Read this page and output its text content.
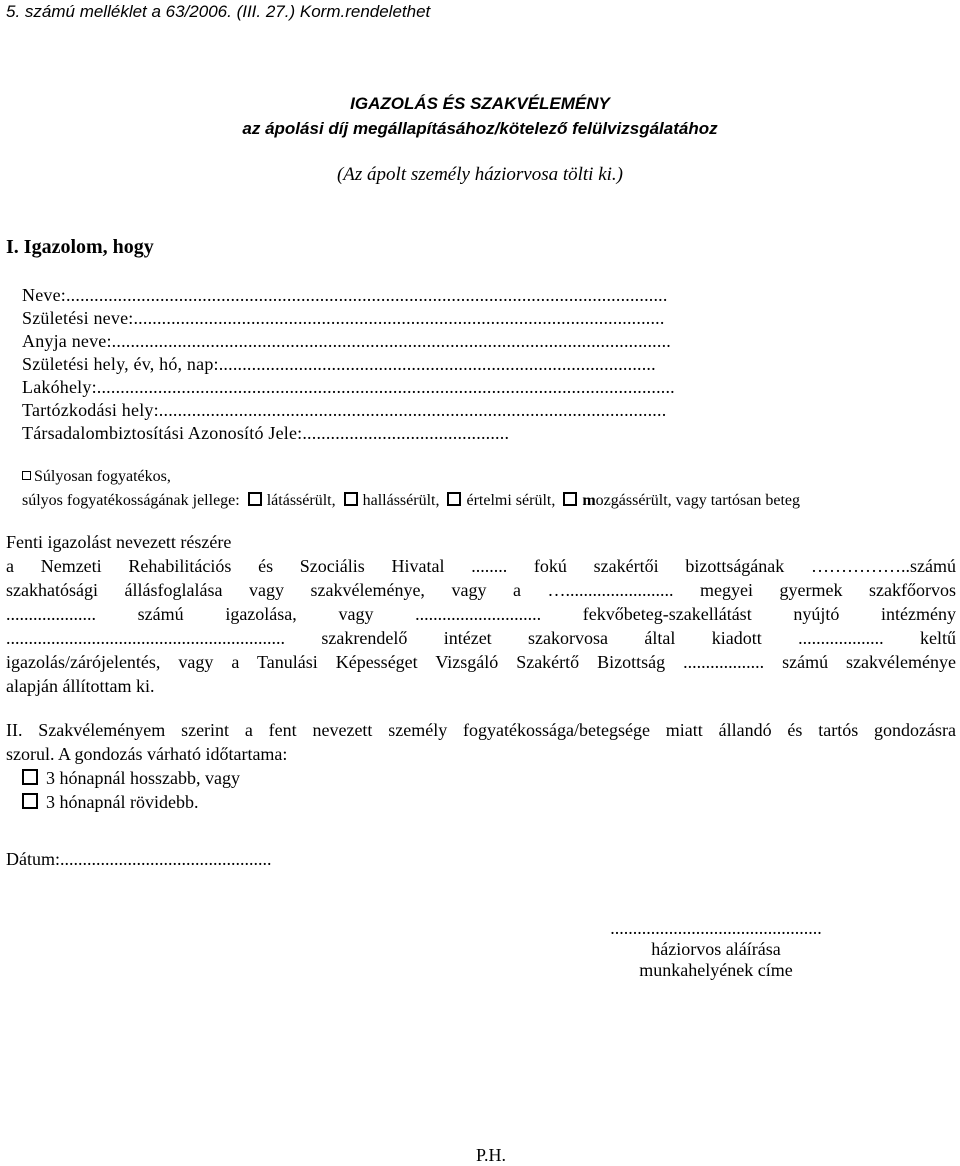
5. számú melléklet a 63/2006. (III. 27.) Korm.rendelethet
IGAZOLÁS ÉS SZAKVÉLEMÉNY
az ápolási díj megállapításához/kötelező felülvizsgálatához
(Az ápolt személy háziorvosa tölti ki.)
I. Igazolom, hogy
Neve:................................................................................................................................
Születési neve:.................................................................................................................
Anyja neve:.......................................................................................................................
Születési hely, év, hó, nap:.............................................................................................
Lakóhely:...........................................................................................................................
Tartózkodási hely:............................................................................................................
Társadalombiztosítási Azonosító Jele:............................................
Súlyosan fogyatékos,
súlyos fogyatékosságának jellege: látássérült, hallássérült, értelmi sérült, mozgássérült, vagy tartósan beteg
Fenti igazolást nevezett részére
a Nemzeti Rehabilitációs és Szociális Hivatal ........ fokú szakértői bizottságának ……………..számú
szakhatósági állásfoglalása vagy szakvéleménye, vagy a …........................ megyei gyermek szakfőorvos
.................... számú igazolása, vagy ............................ fekvőbeteg-szakellátást nyújtó intézmény
.............................................................. szakrendelő intézet szakorvosa által kiadott ................... keltű
igazolás/zárójelentés, vagy a Tanulási Képességet Vizsgáló Szakértő Bizottság .................. számú szakvéleménye
alapján állítottam ki.
II. Szakvéleményem szerint a fent nevezett személy fogyatékossága/betegsége miatt állandó és tartós gondozásra
szorul. A gondozás várható időtartama:
3 hónapnál hosszabb, vagy
3 hónapnál rövidebb.
Dátum:...............................................
...............................................
háziorvos aláírása
munkahelyének címe
P.H.
